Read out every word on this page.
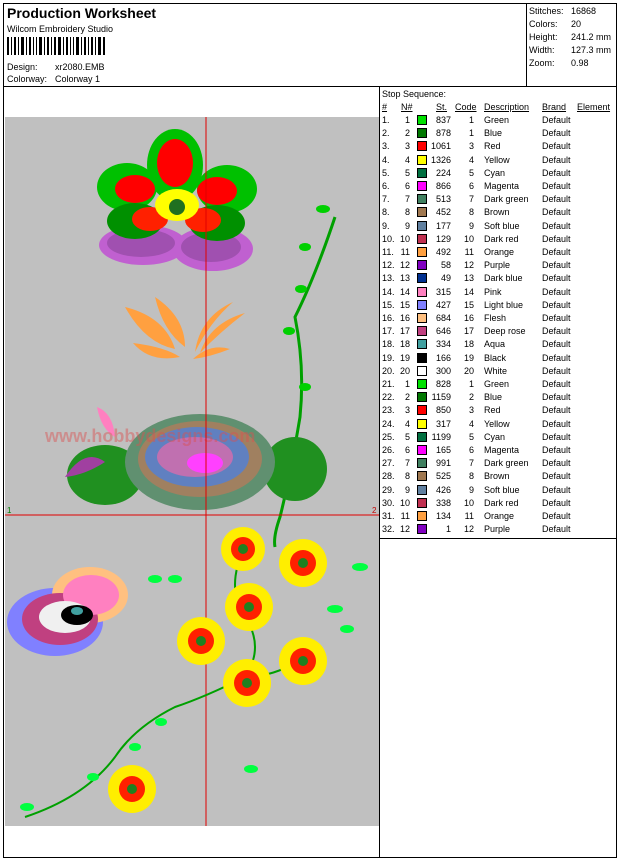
Production Worksheet
Wilcom Embroidery Studio
Design: xr2080.EMB
Colorway: Colorway 1
Stitches: 16868
Colors: 20
Height: 241.2 mm
Width: 127.3 mm
Zoom: 0.98
www.hobbydesigns.com
1	2
Stop Sequence:
# N#	St. Code Description Brand Element
1.	1	837	1 Green	Default
2.	2	878	1 Blue	Default
3.	3	1061	3 Red	Default
4.	4	1326	4 Yellow	Default
5.	5	224	5 Cyan	Default
6.	6	866	6 Magenta	Default
7.	7	513	7 Dark green Default
8.	8	452	8 Brown	Default
9.	9	177	9 Soft blue Default
10. 10	129	10 Dark red	Default
11. 11	492	11 Orange	Default
12. 12	58	12 Purple	Default
13. 13	49	13 Dark blue Default
14. 14	315	14 Pink	Default
15. 15	427	15 Light blue Default
16. 16	684	16 Flesh	Default
17. 17	646	17 Deep rose Default
18. 18	334	18 Aqua	Default
19. 19	166	19 Black	Default
20. 20	300	20 White	Default
21.	1	828	1 Green	Default
22.	2	1159	2 Blue	Default
23.	3	850	3 Red	Default
24.	4	317	4 Yellow	Default
25.	5	1199	5 Cyan	Default
26.	6	165	6 Magenta	Default
27.	7	991	7 Dark green Default
28.	8	525	8 Brown	Default
29.	9	426	9 Soft blue Default
30. 10	338	10 Dark red	Default
31. 11	134	11 Orange	Default
32. 12	1	12 Purple	Default
